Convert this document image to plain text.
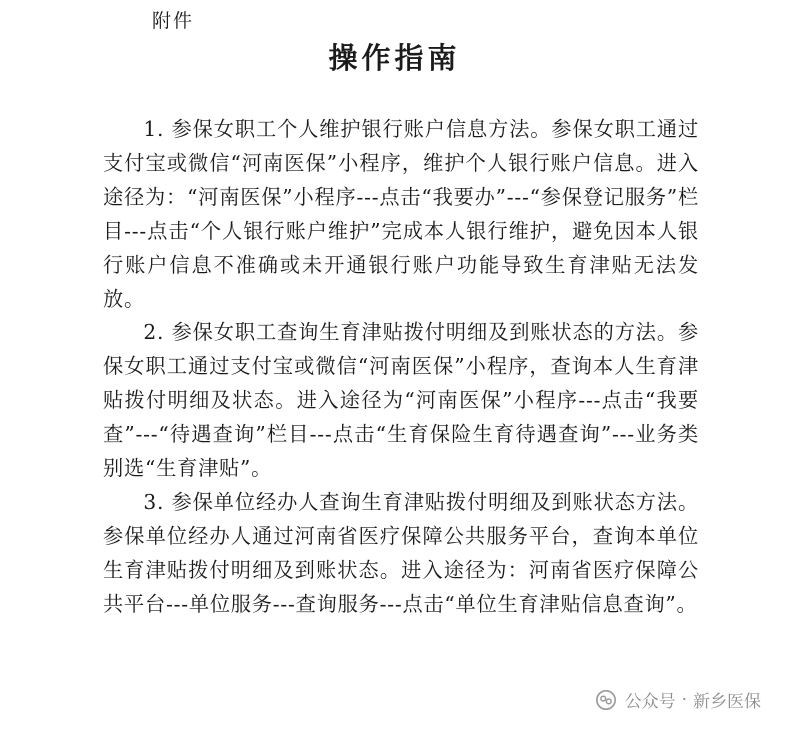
附件
操作指南

1. 参保女职工个人维护银行账户信息方法。参保女职工通过支付宝或微信“河南医保”小程序，维护个人银行账户信息。进入途径为：“河南医保”小程序---点击“我要办”---“参保登记服务”栏目---点击“个人银行账户维护”完成本人银行维护，避免因本人银行账户信息不准确或未开通银行账户功能导致生育津贴无法发放。

2. 参保女职工查询生育津贴拨付明细及到账状态的方法。参保女职工通过支付宝或微信“河南医保”小程序，查询本人生育津贴拨付明细及状态。进入途径为“河南医保”小程序---点击“我要查”---“待遇查询”栏目---点击“生育保险生育待遇查询”---业务类别选“生育津贴”。

3. 参保单位经办人查询生育津贴拨付明细及到账状态方法。参保单位经办人通过河南省医疗保障公共服务平台，查询本单位生育津贴拨付明细及到账状态。进入途径为：河南省医疗保障公共平台---单位服务---查询服务---点击“单位生育津贴信息查询”。

公众号 · 新乡医保
